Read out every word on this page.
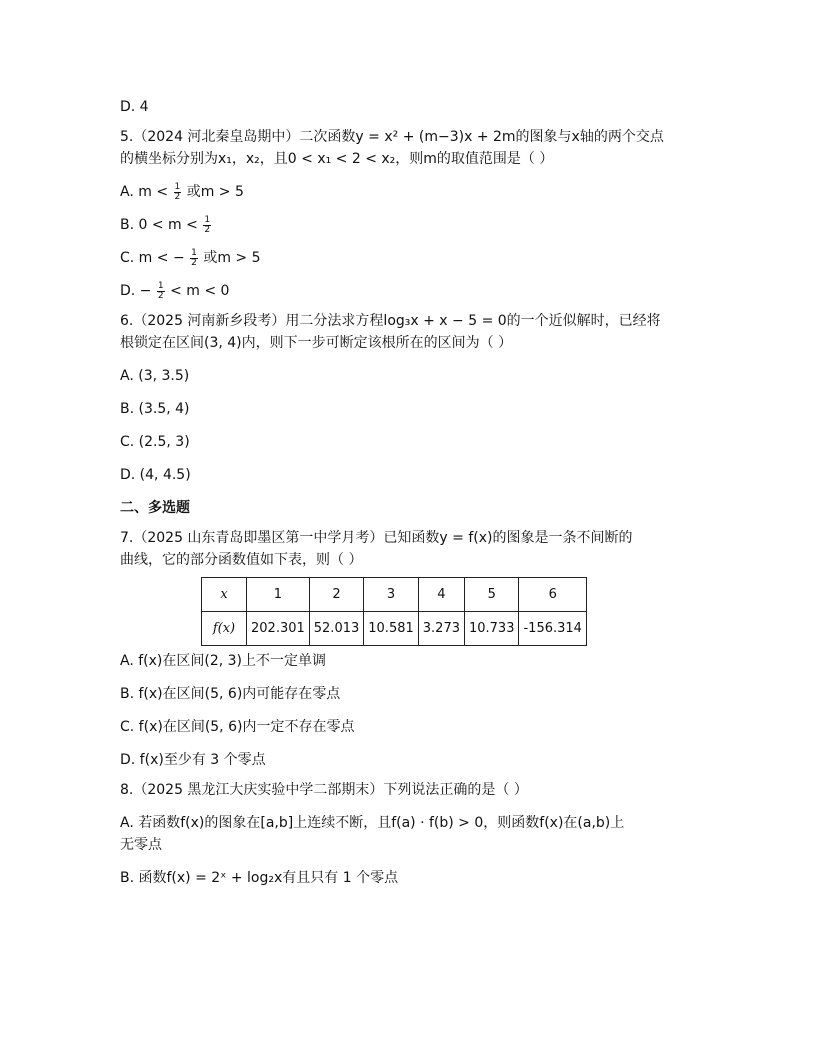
D. 4
5.（2024 河北秦皇岛期中）二次函数y = x² + (m−3)x + 2m的图象与x轴的两个交点
的横坐标分别为x₁，x₂，且0 < x₁ < 2 < x₂，则m的取值范围是（ ）
A. $m < \frac{1}{2}$ 或m > 5
B. $0 < m < \frac{1}{2}$
C. m < − $\frac{1}{2}$ 或m > 5
D. − $\frac{1}{2} < m < 0$
6.（2025 河南新乡段考）用二分法求方程log₃x + x − 5 = 0的一个近似解时，已经将
根锁定在区间(3, 4)内，则下一步可断定该根所在的区间为（ ）
A. (3, 3.5)
B. (3.5, 4)
C. (2.5, 3)
D. (4, 4.5)
二、多选题
7.（2025 山东青岛即墨区第一中学月考）已知函数y = f(x)的图象是一条不间断的
曲线，它的部分函数值如下表，则（ ）
x	1	2	3	4	5	6
f(x)	202.301	52.013	10.581	3.273	10.733	-156.314
A. f(x)在区间(2, 3)上不一定单调
B. f(x)在区间(5, 6)内可能存在零点
C. f(x)在区间(5, 6)内一定不存在零点
D. f(x)至少有 3 个零点
8.（2025 黑龙江大庆实验中学二部期末）下列说法正确的是（ ）
A. 若函数f(x)的图象在[a,b]上连续不断，且f(a) · f(b) > 0，则函数f(x)在(a,b)上
无零点
B. 函数f(x) = 2ˣ + log₂x有且只有 1 个零点
